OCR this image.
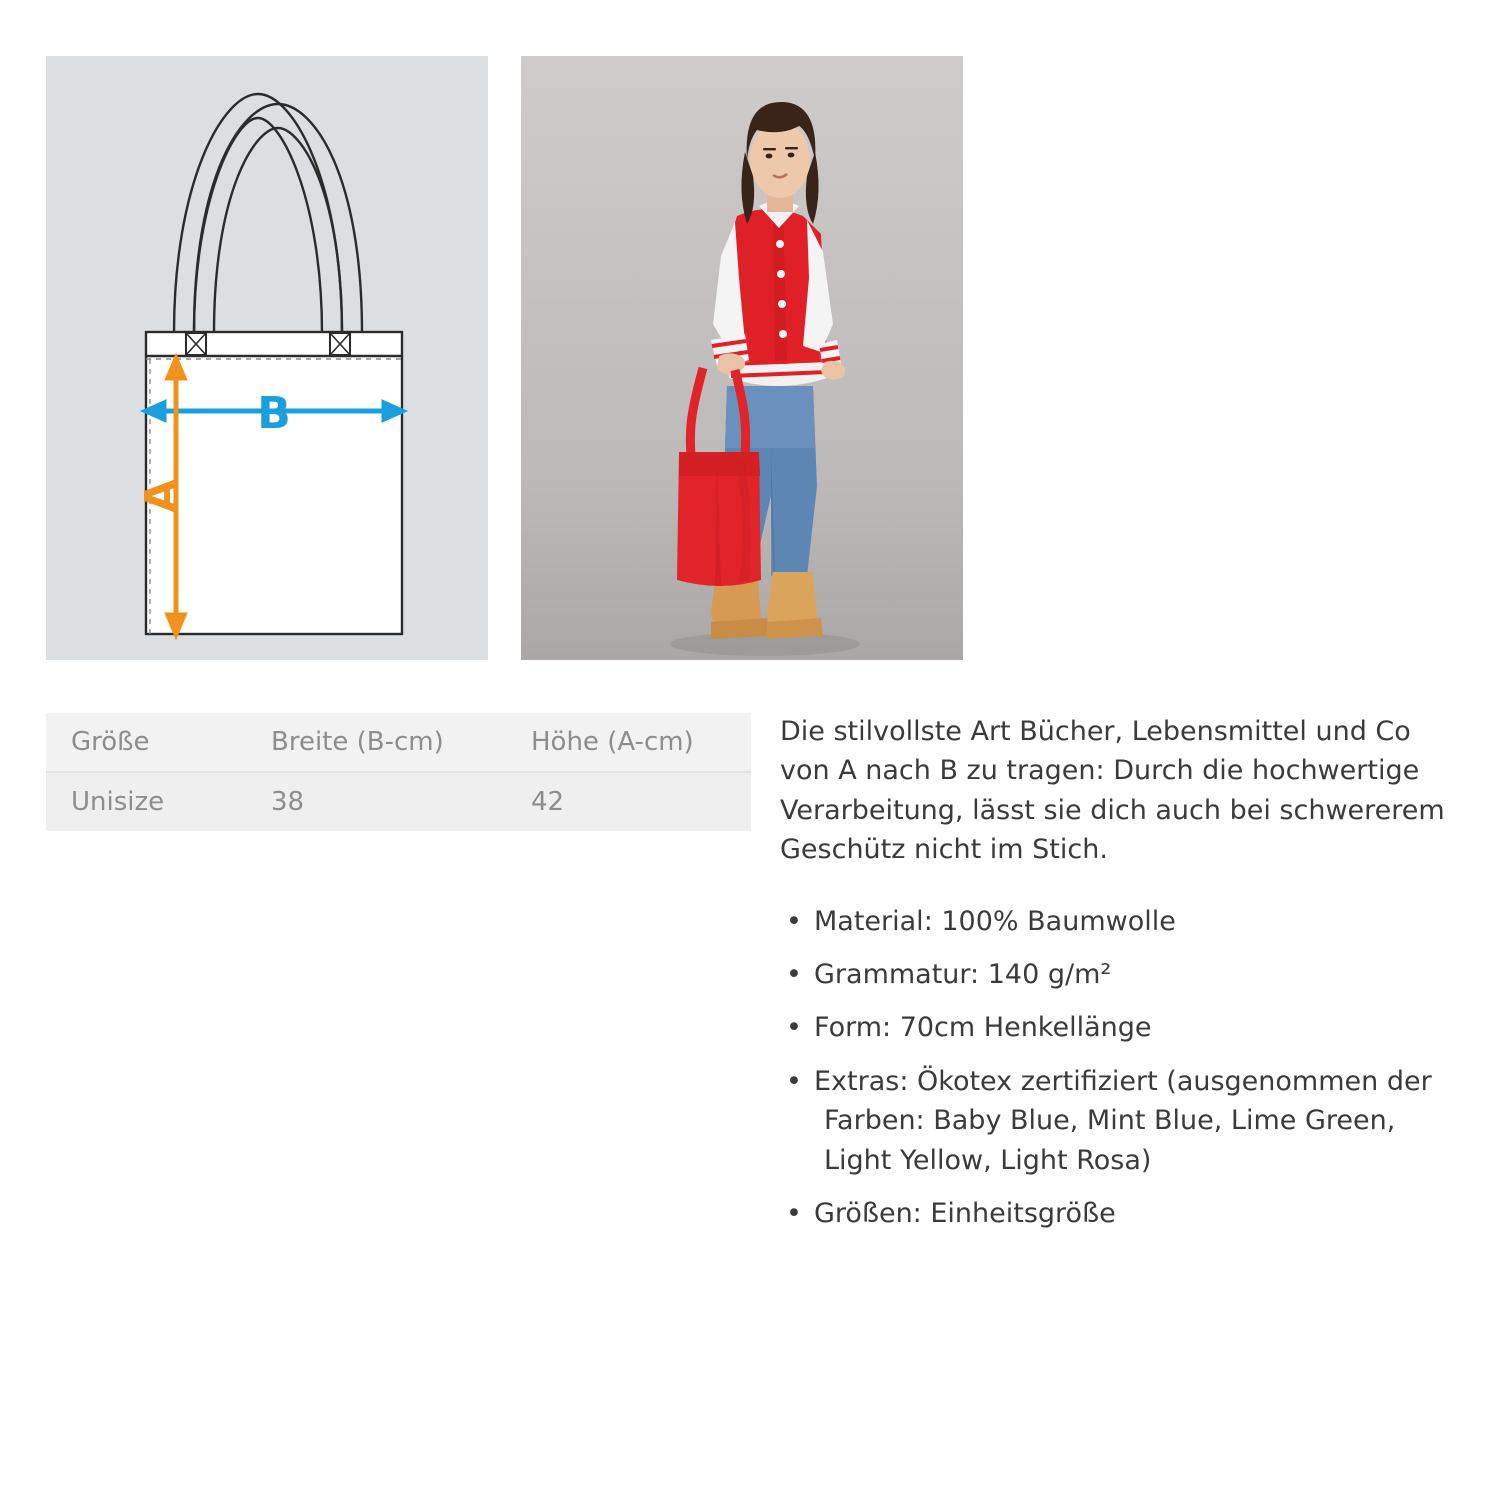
B
A
Größe	Breite (B-cm)	Höhe (A-cm)
Unisize	38	42

Die stilvollste Art Bücher, Lebensmittel und Co von A nach B zu tragen: Durch die hochwertige Verarbeitung, lässt sie dich auch bei schwererem Geschütz nicht im Stich.

• Material: 100% Baumwolle
• Grammatur: 140 g/m²
• Form: 70cm Henkellänge
• Extras: Ökotex zertifiziert (ausgenommen der
Farben: Baby Blue, Mint Blue, Lime Green, Light Yellow, Light Rosa)
• Größen: Einheitsgröße
